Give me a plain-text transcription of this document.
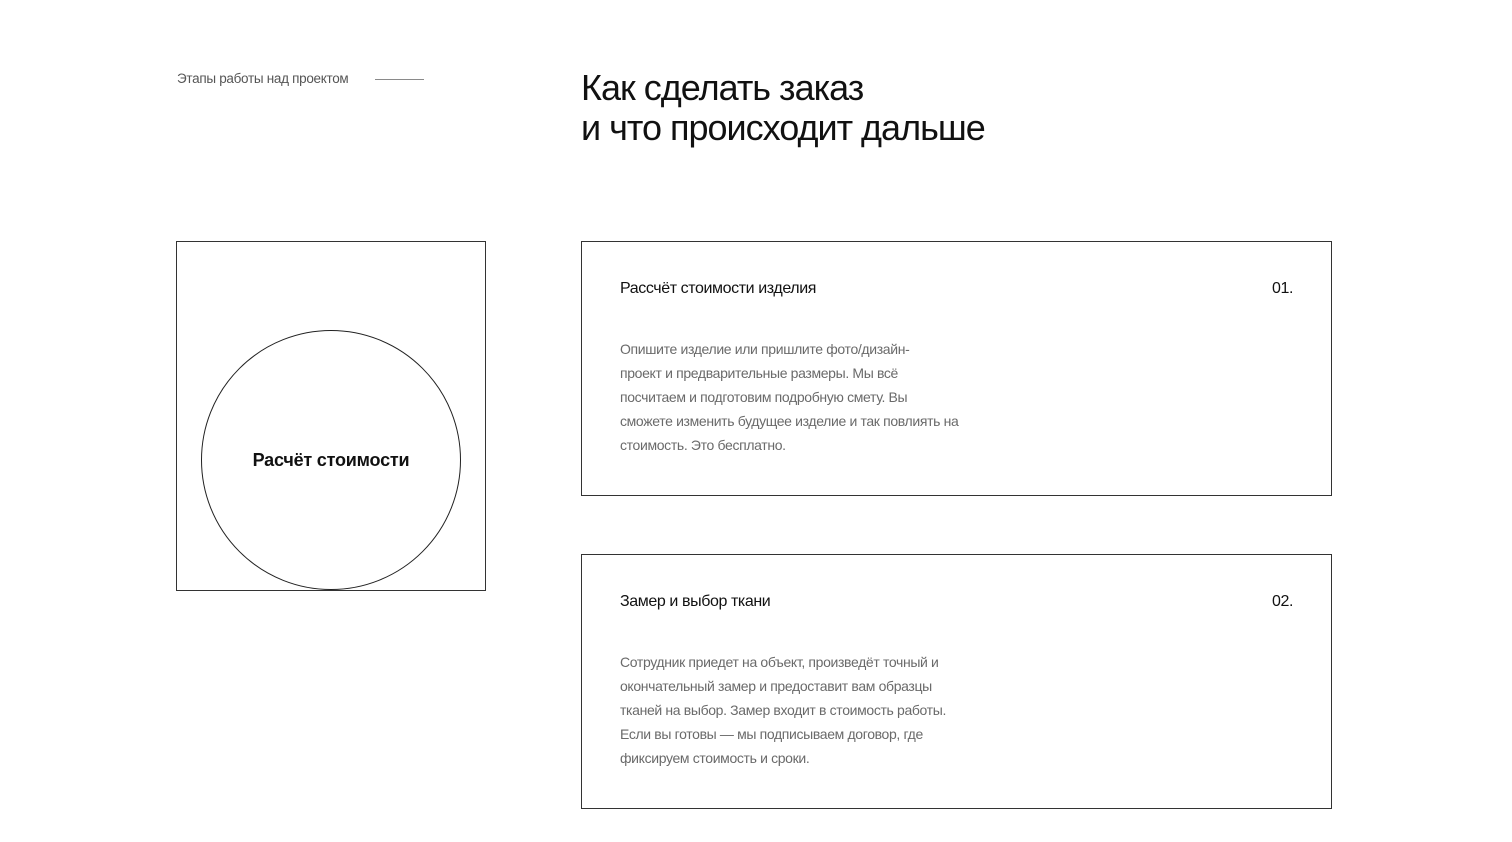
Этапы работы над проектом	Как сделать заказ
и что происходит дальше
Расчёт стоимости
Рассчёт стоимости изделия	01.

Опишите изделие или пришлите фото/дизайн-
проект и предварительные размеры. Мы всё
посчитаем и подготовим подробную смету. Вы
сможете изменить будущее изделие и так повлиять на
стоимость. Это бесплатно.

Замер и выбор ткани	02.

Сотрудник приедет на объект, произведёт точный и
окончательный замер и предоставит вам образцы
тканей на выбор. Замер входит в стоимость работы.
Если вы готовы — мы подписываем договор, где
фиксируем стоимость и сроки.
